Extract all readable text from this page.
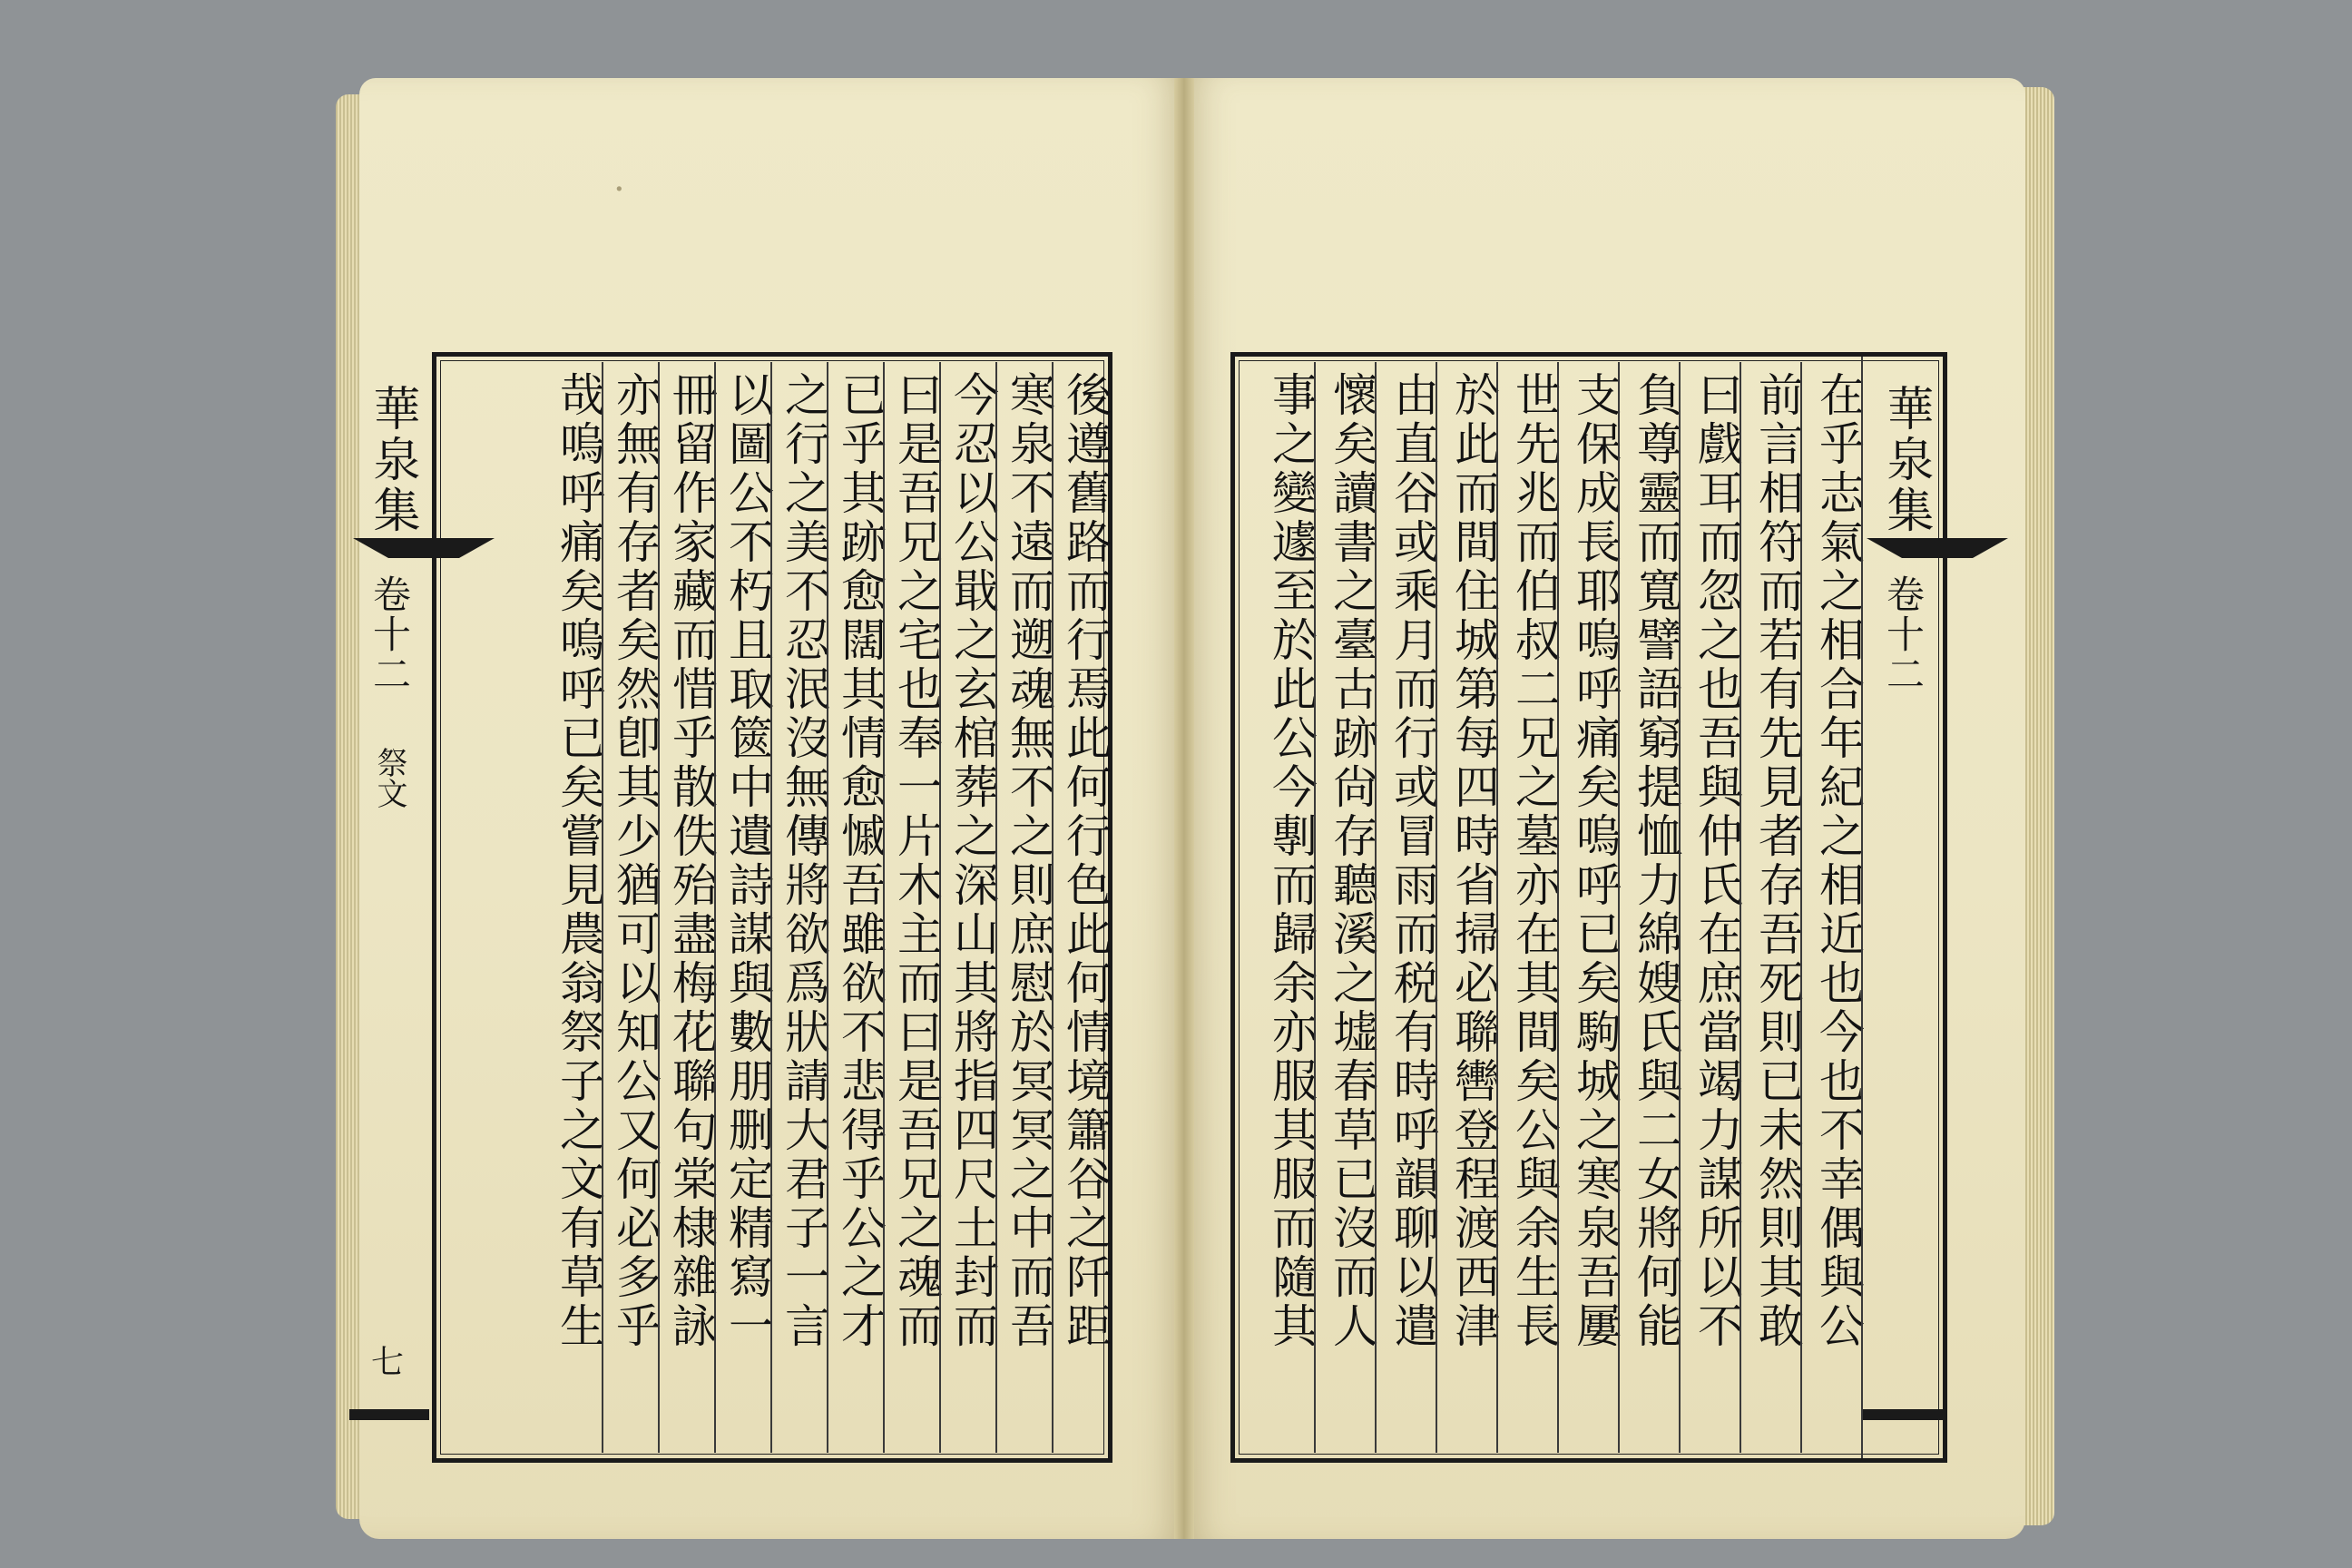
·
後遵舊路而行焉此何行色此何情境簫谷之阡距
寒泉不遠而遡魂無不之則庶慰於冥冥之中而吾
今忍以公戢之玄棺葬之深山其將指四尺土封而
曰是吾兄之宅也奉一片木主而曰是吾兄之魂而
已乎其跡愈闊其情愈慽吾雖欲不悲得乎公之才
之行之美不忍泯沒無傳將欲爲狀請大君子一言
以圖公不朽且取篋中遺詩謀與數朋删定精寫一
冊留作家藏而惜乎散佚殆盡梅花聯句棠棣雜詠
亦無有存者矣然卽其少猶可以知公又何必多乎
哉嗚呼痛矣嗚呼已矣嘗見農翁祭子之文有草生
華泉集
卷十二
祭文
七
在乎志氣之相合年紀之相近也今也不幸偶與公
前言相符而若有先見者存吾死則已未然則其敢
曰戲耳而忽之也吾與仲氏在庶當竭力謀所以不
負尊靈而寬譬語窮提恤力綿嫂氏與二女將何能
支保成長耶嗚呼痛矣嗚呼已矣駒城之寒泉吾屢
世先兆而伯叔二兄之墓亦在其間矣公與余生長
於此而間住城第每四時省掃必聯轡登程渡西津
由直谷或乘月而行或冒雨而税有時呼韻聊以遣
懷矣讀書之臺古跡尙存聽溪之墟春草已沒而人
事之變遽至於此公今剸而歸余亦服其服而隨其	華泉集
卷十二
